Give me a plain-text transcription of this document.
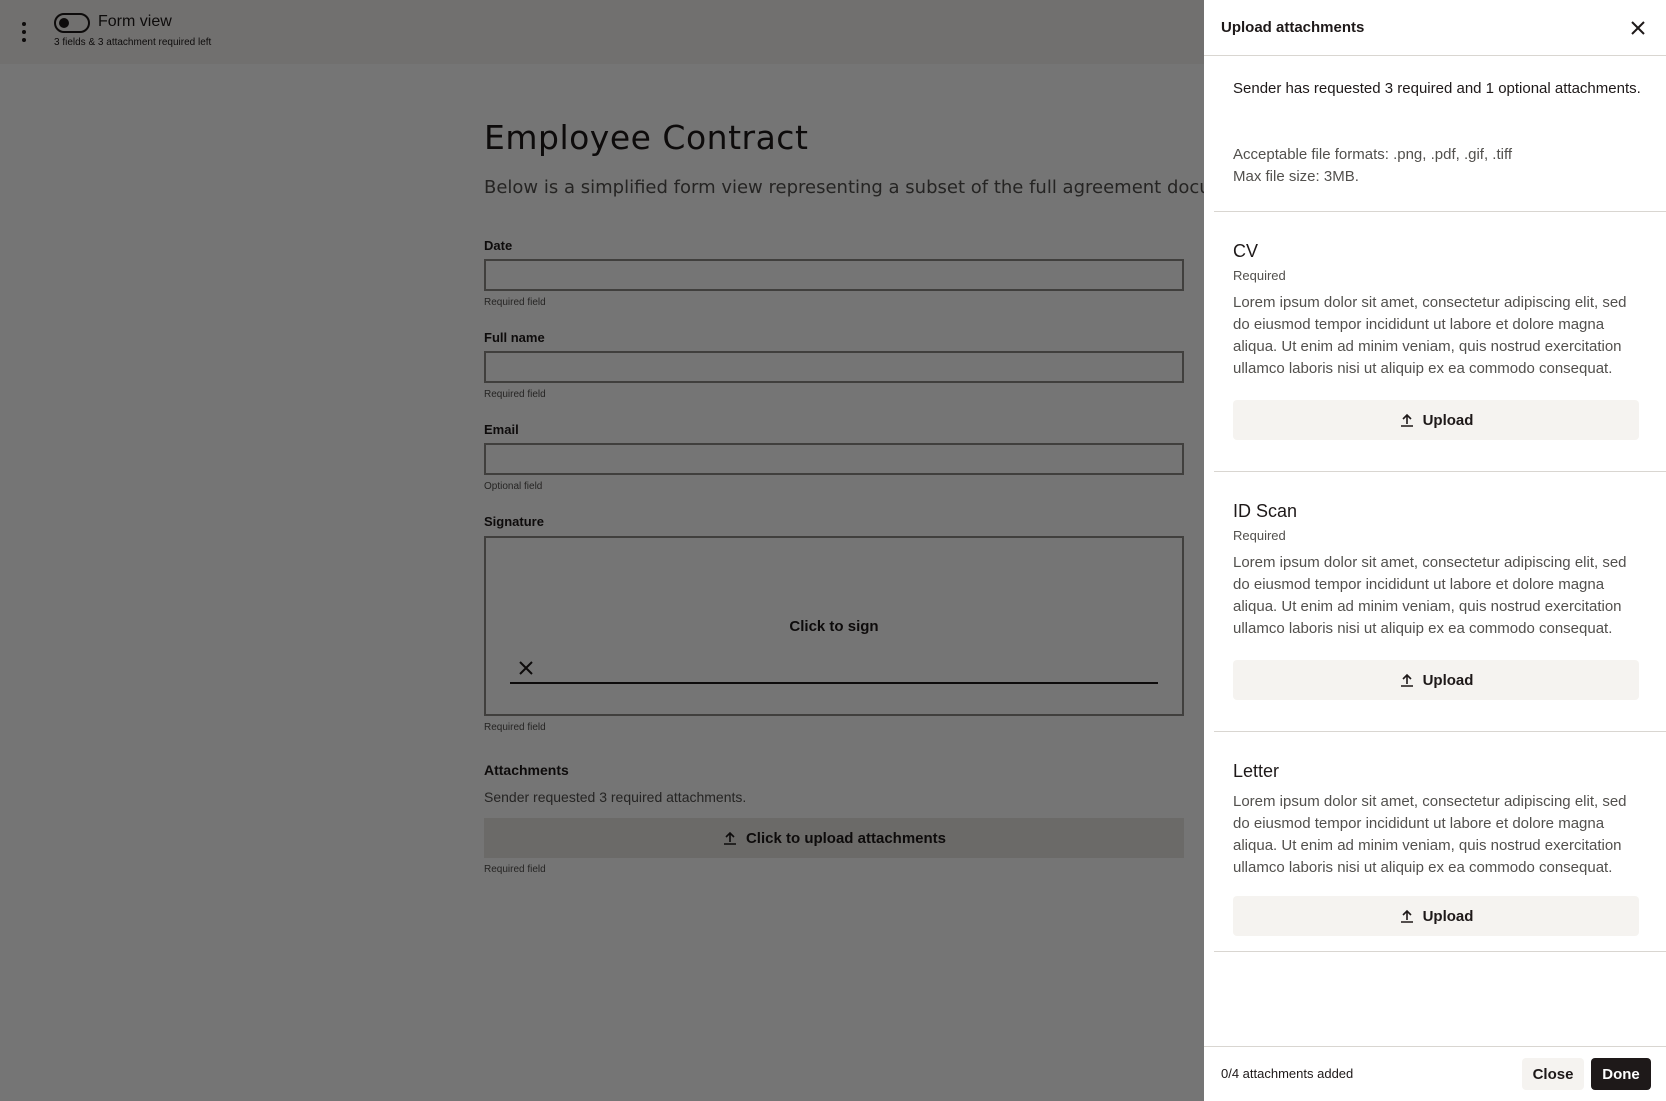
Upload attachments
Sender has requested 3 required and 1 optional attachments.
Acceptable file formats: .png, .pdf, .gif, .tiff
Max file size: 3MB.
CV
Required
Lorem ipsum dolor sit amet, consectetur adipiscing elit, sed do eiusmod tempor incididunt ut labore et dolore magna aliqua. Ut enim ad minim veniam, quis nostrud exercitation ullamco laboris nisi ut aliquip ex ea commodo consequat.
Upload
ID Scan
Required
Lorem ipsum dolor sit amet, consectetur adipiscing elit, sed do eiusmod tempor incididunt ut labore et dolore magna aliqua. Ut enim ad minim veniam, quis nostrud exercitation ullamco laboris nisi ut aliquip ex ea commodo consequat.
Upload
Letter
Lorem ipsum dolor sit amet, consectetur adipiscing elit, sed do eiusmod tempor incididunt ut labore et dolore magna aliqua. Ut enim ad minim veniam, quis nostrud exercitation ullamco laboris nisi ut aliquip ex ea commodo consequat.
Upload
0/4 attachments added	Close	Done
